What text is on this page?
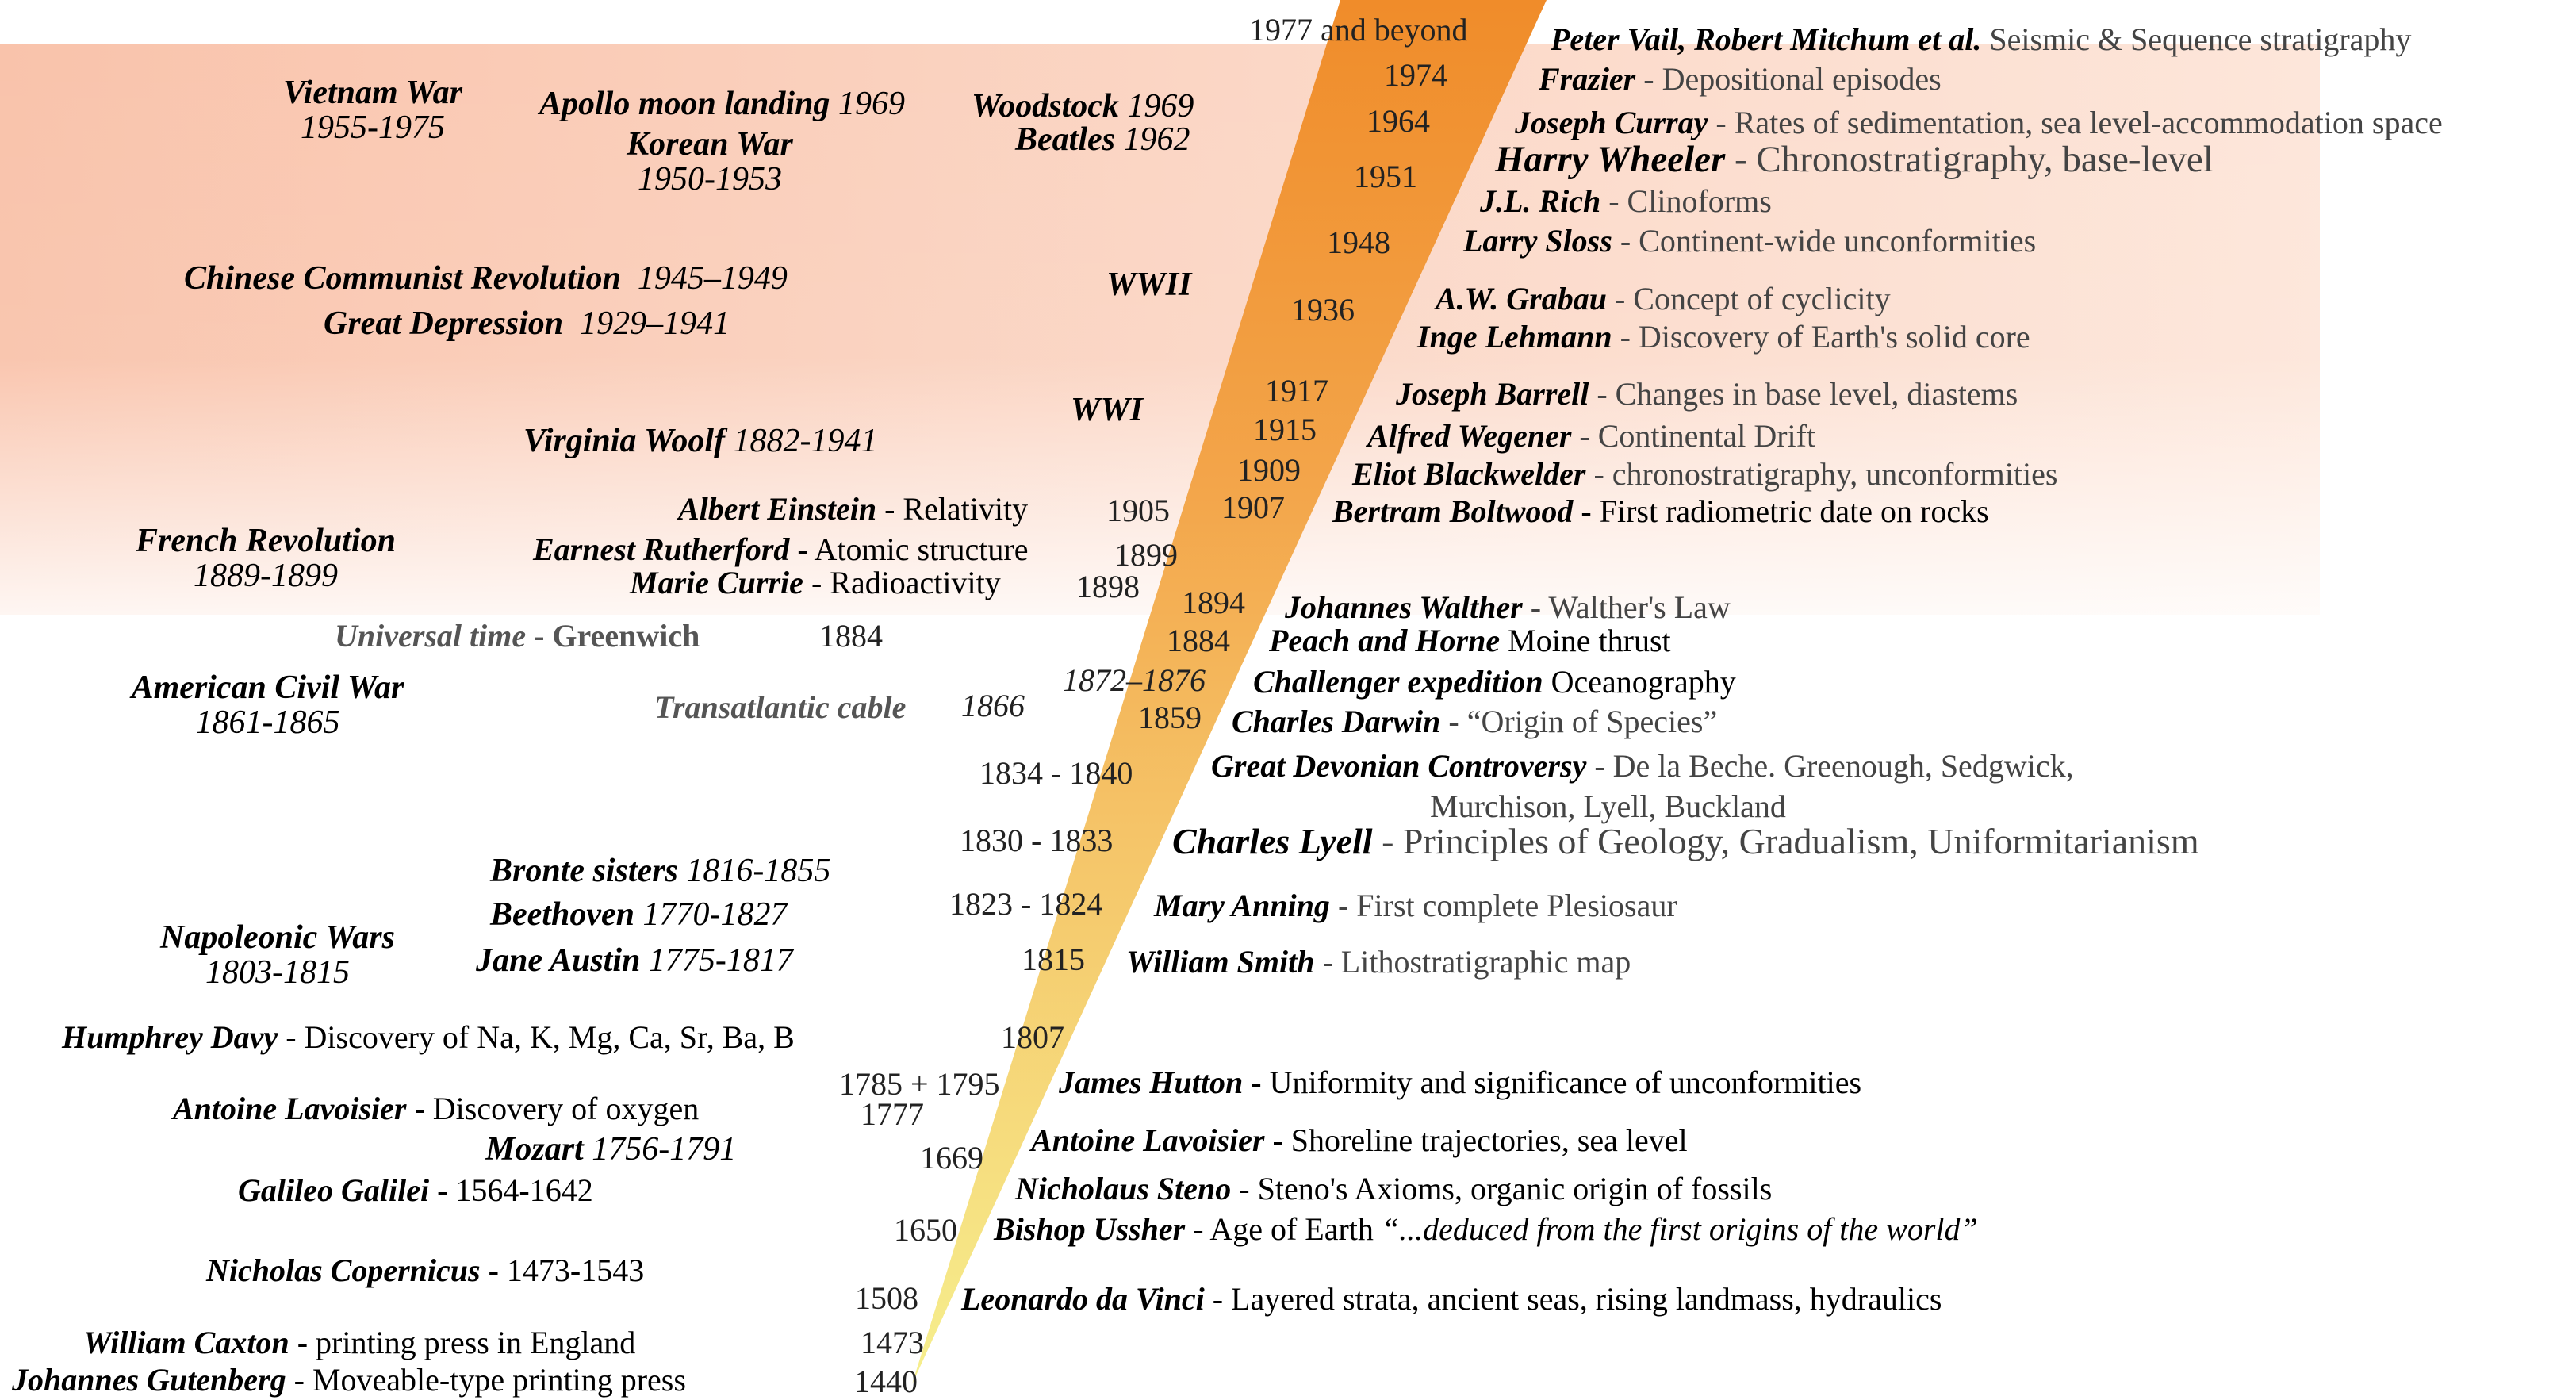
1977 and beyond	Peter Vail, Robert Mitchum et al. Seismic & Sequence stratigraphy
1974	Frazier - Depositional episodes
1964	Joseph Curray - Rates of sedimentation, sea level-accommodation space
1951 Harry Wheeler - Chronostratigraphy, base-level
J.L. Rich - Clinoforms
1948 Larry Sloss - Continent-wide unconformities
1936	A.W. Grabau - Concept of cyclicity
Inge Lehmann - Discovery of Earth's solid core
1917 Joseph Barrell - Changes in base level, diastems
1915 Alfred Wegener - Continental Drift
1909 Eliot Blackwelder - chronostratigraphy, unconformities
1907 Bertram Boltwood - First radiometric date on rocks
1894 Johannes Walther - Walther's Law
1884 Peach and Horne Moine thrust
1872–1876 Challenger expedition Oceanography
1859 Charles Darwin - “Origin of Species”
1834 - 1840 Great Devonian Controversy - De la Beche. Greenough, Sedgwick,
Murchison, Lyell, Buckland
1830 - 1833 Charles Lyell - Principles of Geology, Gradualism, Uniformitarianism
1823 - 1824 Mary Anning - First complete Plesiosaur
1815 William Smith - Lithostratigraphic map
1785 + 1795 James Hutton - Uniformity and significance of unconformities
1669 Antoine Lavoisier - Shoreline trajectories, sea level
Nicholaus Steno - Steno's Axioms, organic origin of fossils
1650 Bishop Ussher - Age of Earth “...deduced from the first origins of the world”
1508 Leonardo da Vinci - Layered strata, ancient seas, rising landmass, hydraulics
Albert Einstein - Relativity 1905
Earnest Rutherford - Atomic structure	1899
Marie Currie - Radioactivity 1898
Universal time - Greenwich	1884
Transatlantic cable 1866
Humphrey Davy - Discovery of Na, K, Mg, Ca, Sr, Ba, B	1807
Antoine Lavoisier - Discovery of oxygen	1777
Galileo Galilei - 1564-1642
Nicholas Copernicus - 1473-1543
William Caxton - printing press in England	1473
Johannes Gutenberg - Moveable-type printing press	1440
Vietnam War
1955-1975
Apollo moon landing 1969
Korean War
1950-1953
Woodstock 1969
Beatles 1962
Chinese Communist Revolution 1945–1949
Great Depression 1929–1941
Virginia Woolf 1882-1941
French Revolution
1889-1899
American Civil War
1861-1865
Bronte sisters 1816-1855
Beethoven 1770-1827
Jane Austin 1775-1817
Napoleonic Wars
1803-1815
Mozart 1756-1791
WWII
WWI
